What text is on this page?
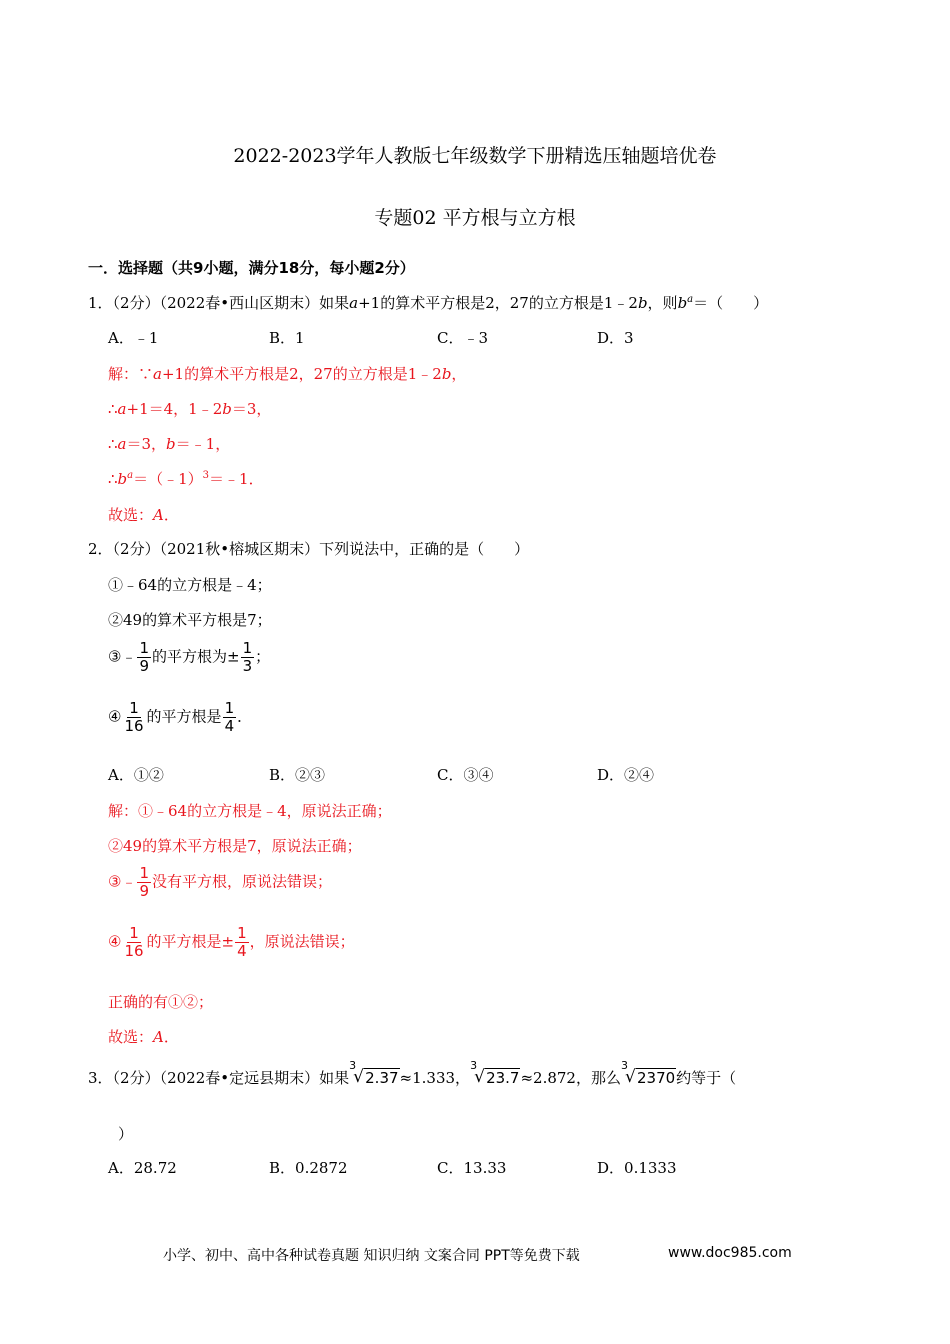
2022-2023学年人教版七年级数学下册精选压轴题培优卷
专题02 平方根与立方根
一．选择题（共9小题，满分18分，每小题2分）
1．（2分）（2022春•西山区期末）如果a+1的算术平方根是2，27的立方根是1﹣2b，则$b^a=$（　　）
A．﹣1	B．1	C．﹣3	D．3
解：∵a+1的算术平方根是2，27的立方根是1﹣2b，
∴a+1＝4，1﹣2b＝3，
∴a＝3，b＝﹣1，
$\therefore b^a=(﹣1)^3=﹣1$．
故选：A．
2．（2分）（2021秋•榕城区期末）下列说法中，正确的是（　　）
①﹣64的立方根是﹣4；
②49的算术平方根是7；
③﹣ $\frac{1}{9}$ 的平方根为± $\frac{1}{3}$ ；
④ $\frac{1}{16}$ 的平方根是 $\frac{1}{4}$ ．
A．①②	B．②③	C．③④	D．②④
解：①﹣64的立方根是﹣4，原说法正确；
②49的算术平方根是7，原说法正确；
③﹣ $\frac{1}{9}$ 没有平方根，原说法错误；
④ $\frac{1}{16}$ 的平方根是± $\frac{1}{4}$ ，原说法错误；
正确的有①②；
故选：A．
3．（2分）（2022春•定远县期末）如果
3
√ 2.37≈1.333，
3
√ 23.7≈2.872，那么
3
√ 2370约等于（
）
A．28.72	B．0.2872	C．13.33	D．0.1333
小学、初中、高中各种试卷真题 知识归纳 文案合同 PPT等免费下载	www.doc985.com
